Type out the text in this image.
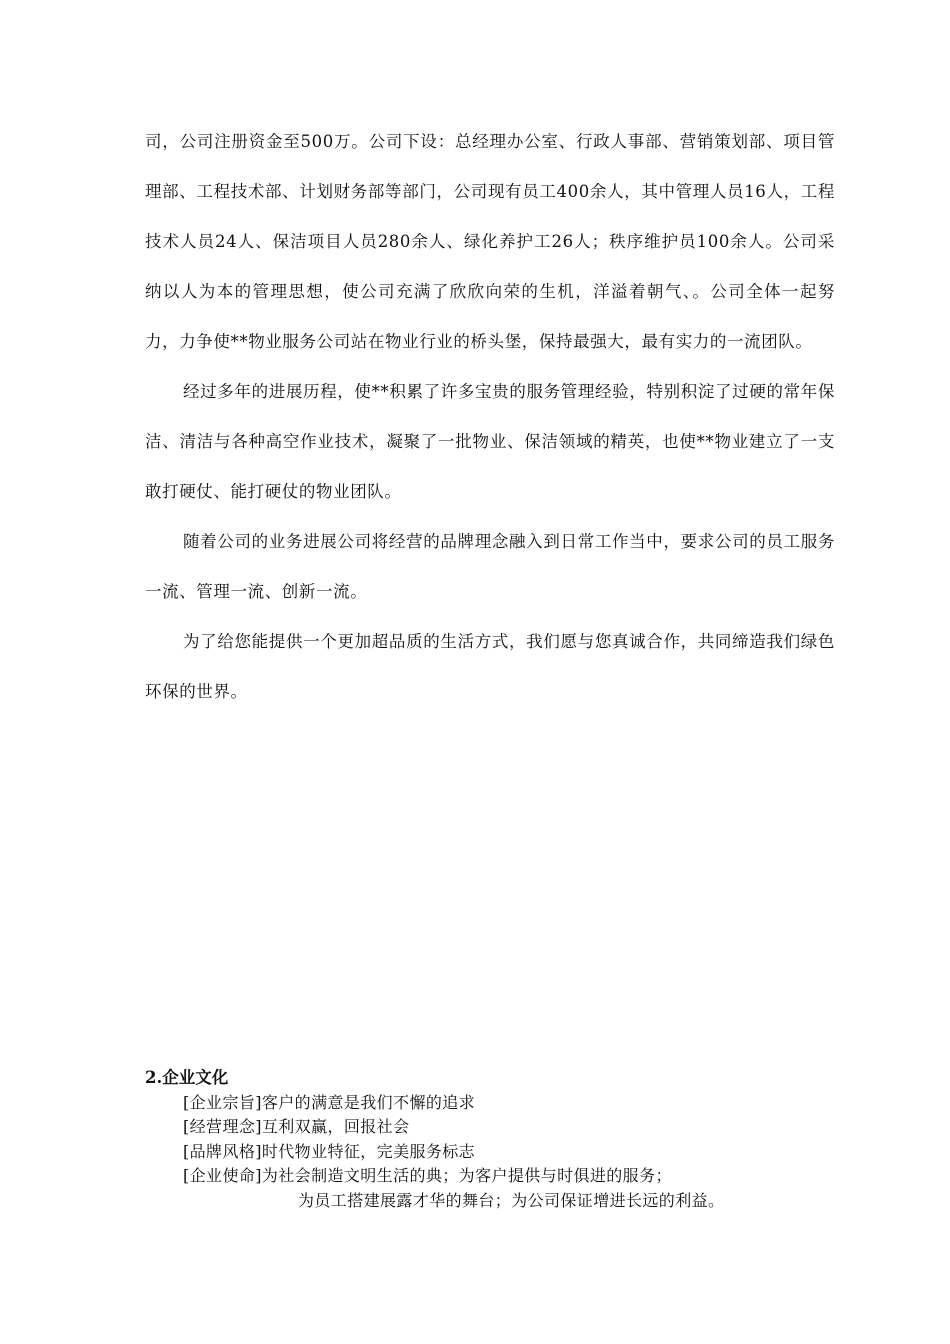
司，公司注册资金至500万。公司下设：总经理办公室、行政人事部、营销策划部、项目管理部、工程技术部、计划财务部等部门，公司现有员工400余人，其中管理人员16人，工程技术人员24人、保洁项目人员280余人、绿化养护工26人；秩序维护员100余人。公司采纳以人为本的管理思想，使公司充满了欣欣向荣的生机，洋溢着朝气、。公司全体一起努力，力争使**物业服务公司站在物业行业的桥头堡，保持最强大，最有实力的一流团队。

经过多年的进展历程，使**积累了许多宝贵的服务管理经验，特别积淀了过硬的常年保洁、清洁与各种高空作业技术，凝聚了一批物业、保洁领域的精英，也使**物业建立了一支敢打硬仗、能打硬仗的物业团队。

随着公司的业务进展公司将经营的品牌理念融入到日常工作当中，要求公司的员工服务一流、管理一流、创新一流。

为了给您能提供一个更加超品质的生活方式，我们愿与您真诚合作，共同缔造我们绿色环保的世界。

2.企业文化

[企业宗旨]客户的满意是我们不懈的追求

[经营理念]互利双赢，回报社会

[品牌风格]时代物业特征，完美服务标志

[企业使命]为社会制造文明生活的典；为客户提供与时俱进的服务；

为员工搭建展露才华的舞台；为公司保证增进长远的利益。
